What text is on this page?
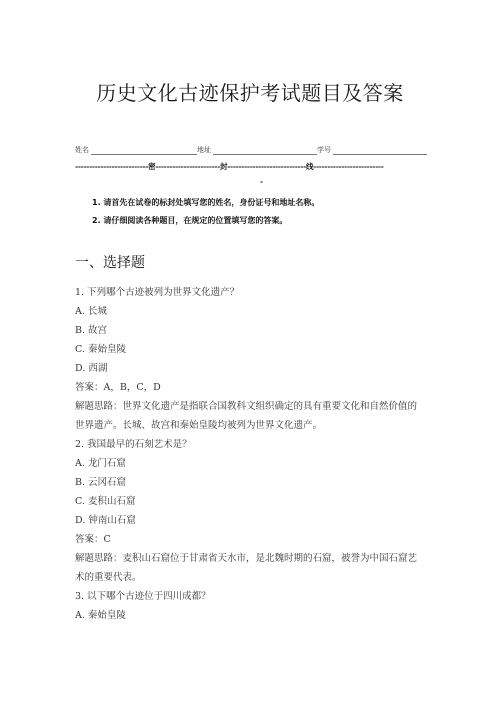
历史文化古迹保护考试题目及答案
姓名	地址	学号
--------------------------密-----------------------封----------------------------线-------------------------
-
1. 请首先在试卷的标封处填写您的姓名，身份证号和地址名称。
2. 请仔细阅读各种题目，在规定的位置填写您的答案。
一、选择题
1. 下列哪个古迹被列为世界文化遗产？
A. 长城
B. 故宫
C. 秦始皇陵
D. 西湖
答案：A，B，C，D
解题思路：世界文化遗产是指联合国教科文组织确定的具有重要文化和自然价值的世界遗产。长城、故宫和秦始皇陵均被列为世界文化遗产。
2. 我国最早的石刻艺术是？
A. 龙门石窟
B. 云冈石窟
C. 麦积山石窟
D. 钟南山石窟
答案：C
解题思路：麦积山石窟位于甘肃省天水市，是北魏时期的石窟，被誉为中国石窟艺术的重要代表。
3. 以下哪个古迹位于四川成都？
A. 秦始皇陵
